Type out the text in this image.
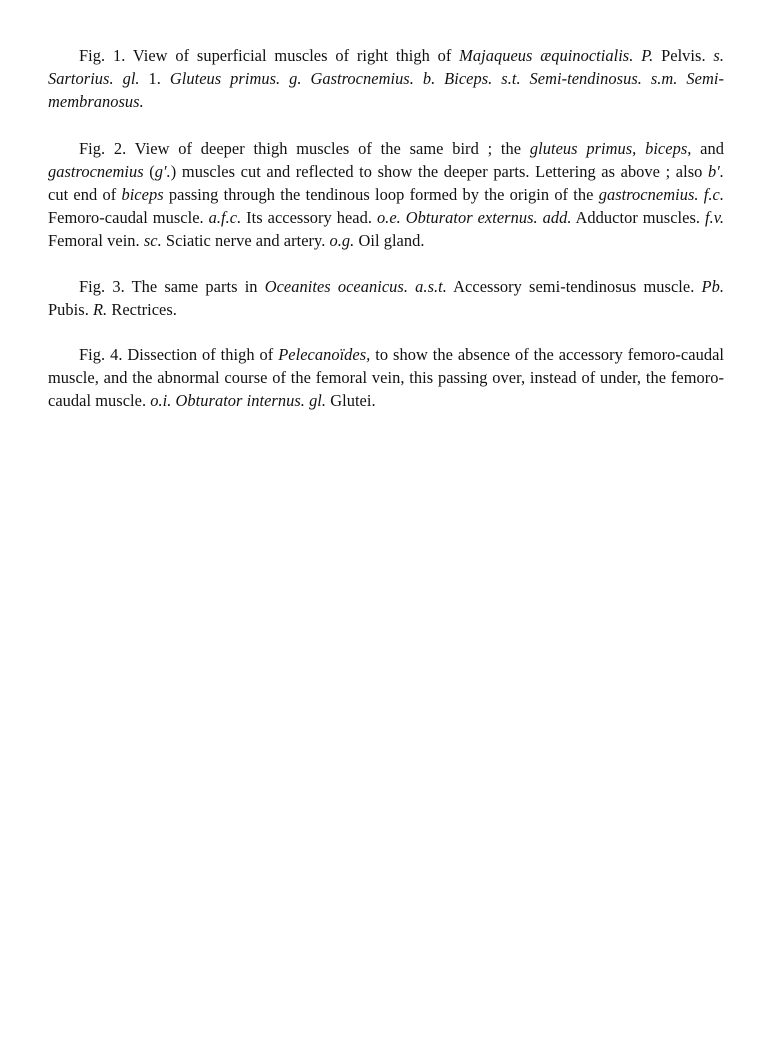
Fig. 1. View of superficial muscles of right thigh of Majaqueus æquinoctialis. P. Pelvis. s. Sartorius. gl. 1. Gluteus primus. g. Gastrocnemius. b. Biceps. s.t. Semi-tendinosus. s.m. Semi-membranosus.

Fig. 2. View of deeper thigh muscles of the same bird ; the gluteus primus, biceps, and gastrocnemius (g′.) muscles cut and reflected to show the deeper parts. Lettering as above ; also b′. cut end of biceps passing through the tendinous loop formed by the origin of the gastrocnemius. f.c. Femoro-caudal muscle. a.f.c. Its accessory head. o.e. Obturator externus. add. Adductor muscles. f.v. Femoral vein. sc. Sciatic nerve and artery. o.g. Oil gland.

Fig. 3. The same parts in Oceanites oceanicus. a.s.t. Accessory semi-tendinosus muscle. Pb. Pubis. R. Rectrices.

Fig. 4. Dissection of thigh of Pelecanoïdes, to show the absence of the accessory femoro-caudal muscle, and the abnormal course of the femoral vein, this passing over, instead of under, the femoro-caudal muscle. o.i. Obturator internus. gl. Glutei.
